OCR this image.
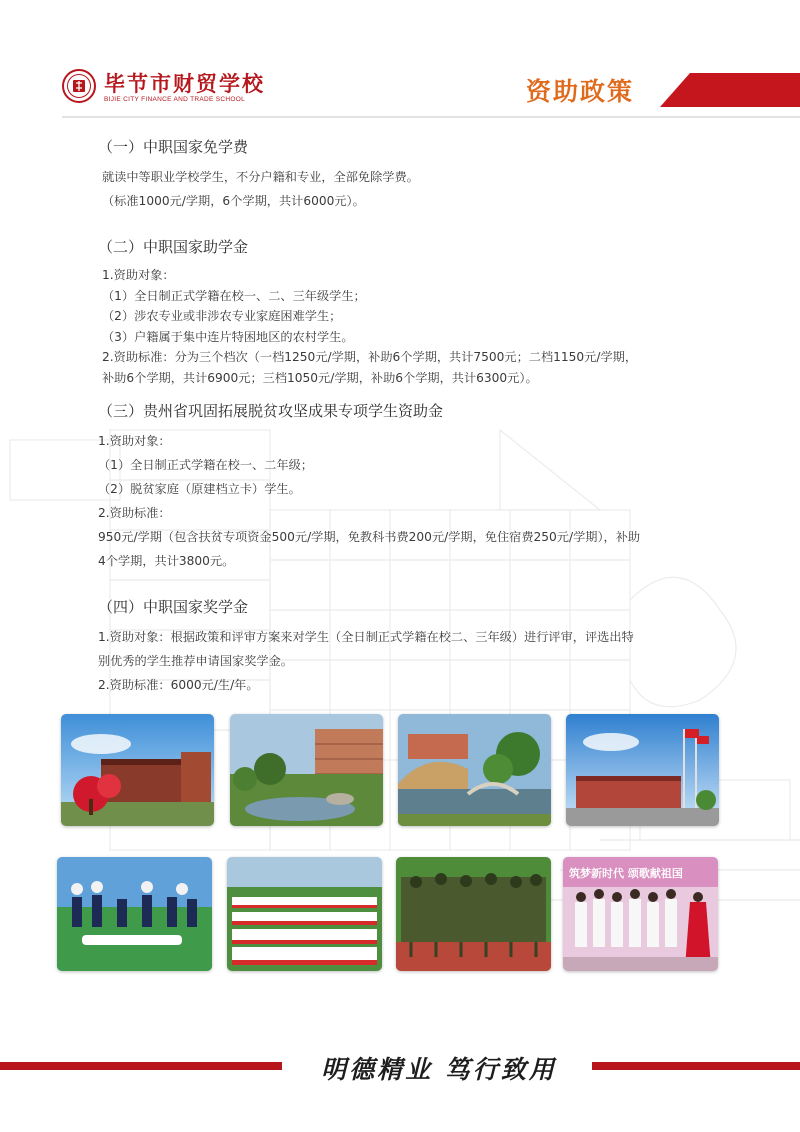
毕节市财贸学校
BIJIE CITY FINANCE AND TRADE SCHOOL	资助政策
（一）中职国家免学费
就读中等职业学校学生，不分户籍和专业，全部免除学费。
（标准1000元/学期，6个学期，共计6000元）。
（二）中职国家助学金
1.资助对象：
（1）全日制正式学籍在校一、二、三年级学生；
（2）涉农专业或非涉农专业家庭困难学生；
（3）户籍属于集中连片特困地区的农村学生。
2.资助标准：分为三个档次（一档1250元/学期，补助6个学期，共计7500元；二档1150元/学期，
补助6个学期，共计6900元；三档1050元/学期，补助6个学期，共计6300元）。
（三）贵州省巩固拓展脱贫攻坚成果专项学生资助金
1.资助对象：
（1）全日制正式学籍在校一、二年级；
（2）脱贫家庭（原建档立卡）学生。
2.资助标准：
950元/学期（包含扶贫专项资金500元/学期，免教科书费200元/学期，免住宿费250元/学期），补助
4个学期，共计3800元。
（四）中职国家奖学金
1.资助对象：根据政策和评审方案来对学生（全日制正式学籍在校二、三年级）进行评审，评选出特
别优秀的学生推荐申请国家奖学金。
2.资助标准：6000元/生/年。
筑梦新时代 颂歌献祖国
明德精业 笃行致用
